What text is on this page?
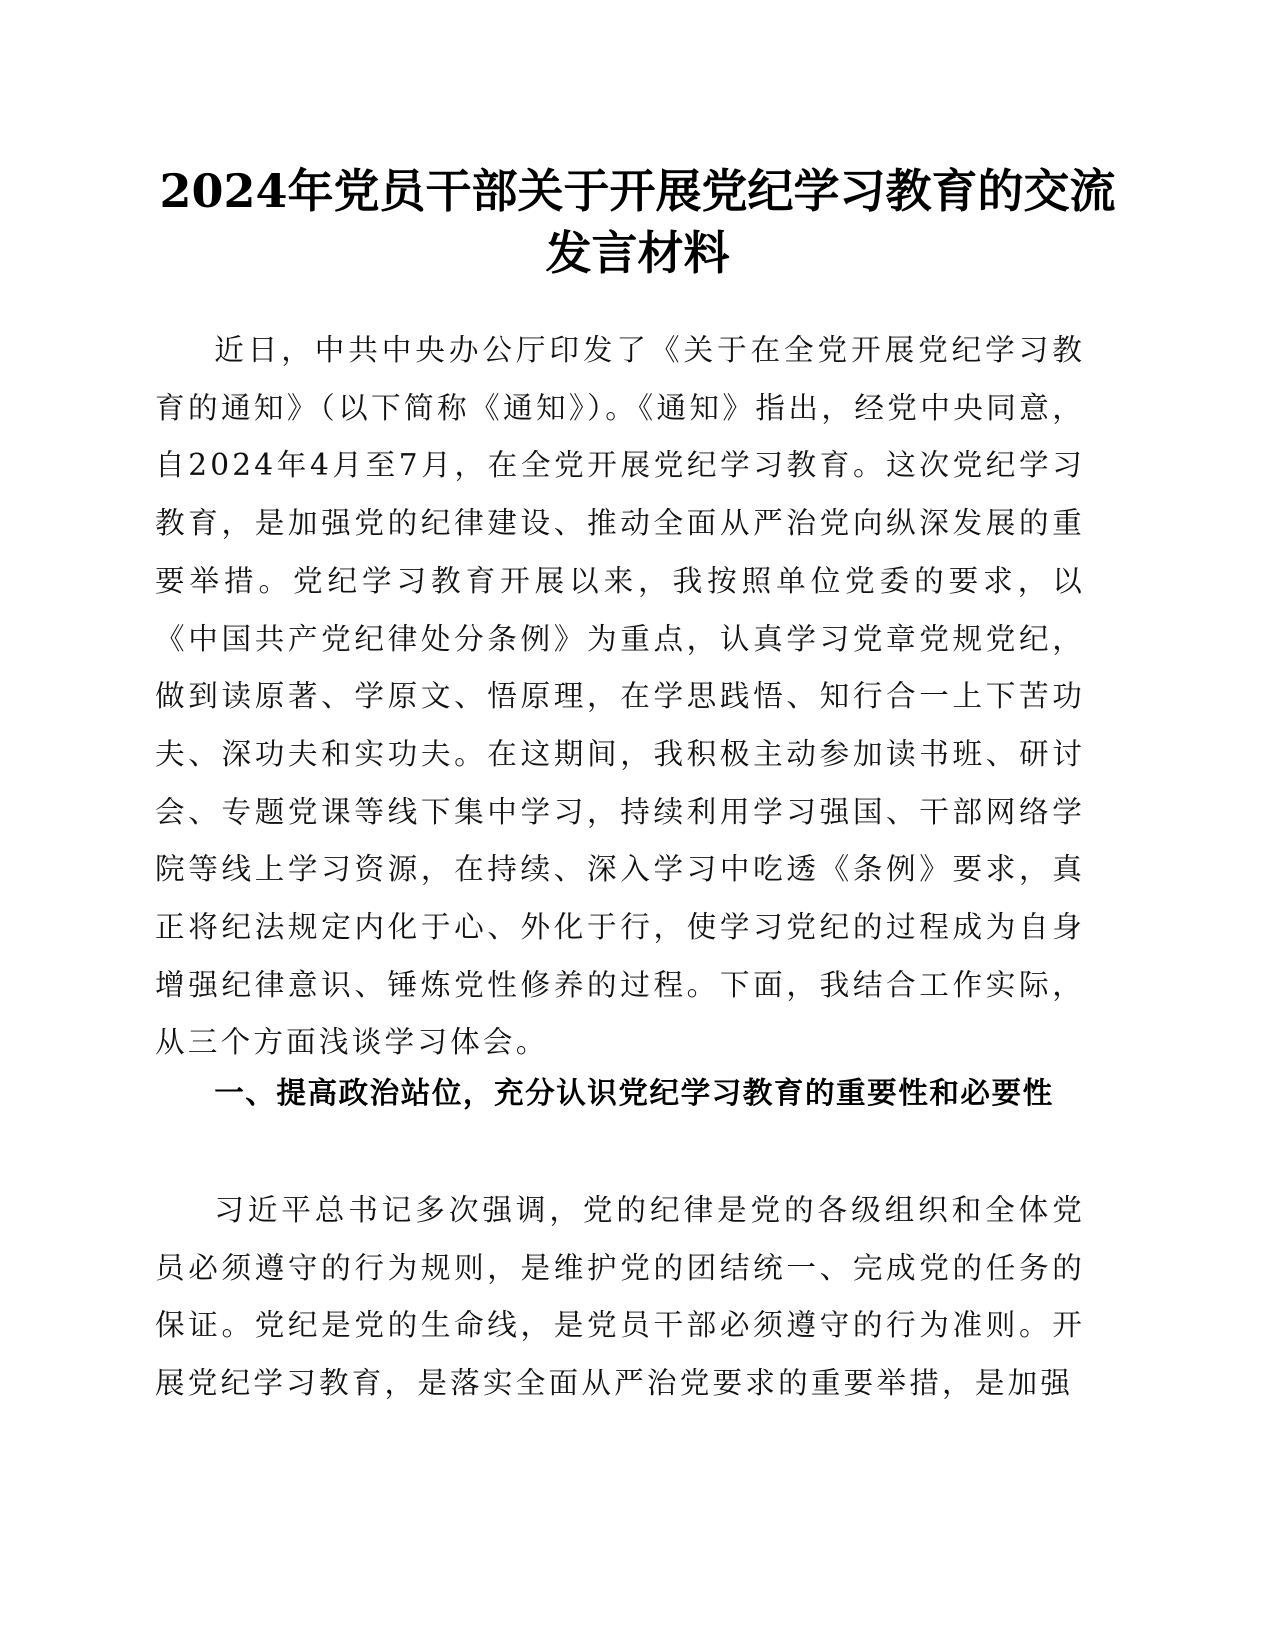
2024年党员干部关于开展党纪学习教育的交流
发言材料

近日，中共中央办公厅印发了《关于在全党开展党纪学习教育的通知》（以下简称《通知》）。《通知》指出，经党中央同意，自2024年4月至7月，在全党开展党纪学习教育。这次党纪学习教育，是加强党的纪律建设、推动全面从严治党向纵深发展的重要举措。党纪学习教育开展以来，我按照单位党委的要求，以《中国共产党纪律处分条例》为重点，认真学习党章党规党纪，做到读原著、学原文、悟原理，在学思践悟、知行合一上下苦功夫、深功夫和实功夫。在这期间，我积极主动参加读书班、研讨会、专题党课等线下集中学习，持续利用学习强国、干部网络学院等线上学习资源，在持续、深入学习中吃透《条例》要求，真正将纪法规定内化于心、外化于行，使学习党纪的过程成为自身增强纪律意识、锤炼党性修养的过程。下面，我结合工作实际，从三个方面浅谈学习体会。

一、提高政治站位，充分认识党纪学习教育的重要性和必要性

习近平总书记多次强调，党的纪律是党的各级组织和全体党员必须遵守的行为规则，是维护党的团结统一、完成党的任务的保证。党纪是党的生命线，是党员干部必须遵守的行为准则。开展党纪学习教育，是落实全面从严治党要求的重要举措，是加强
